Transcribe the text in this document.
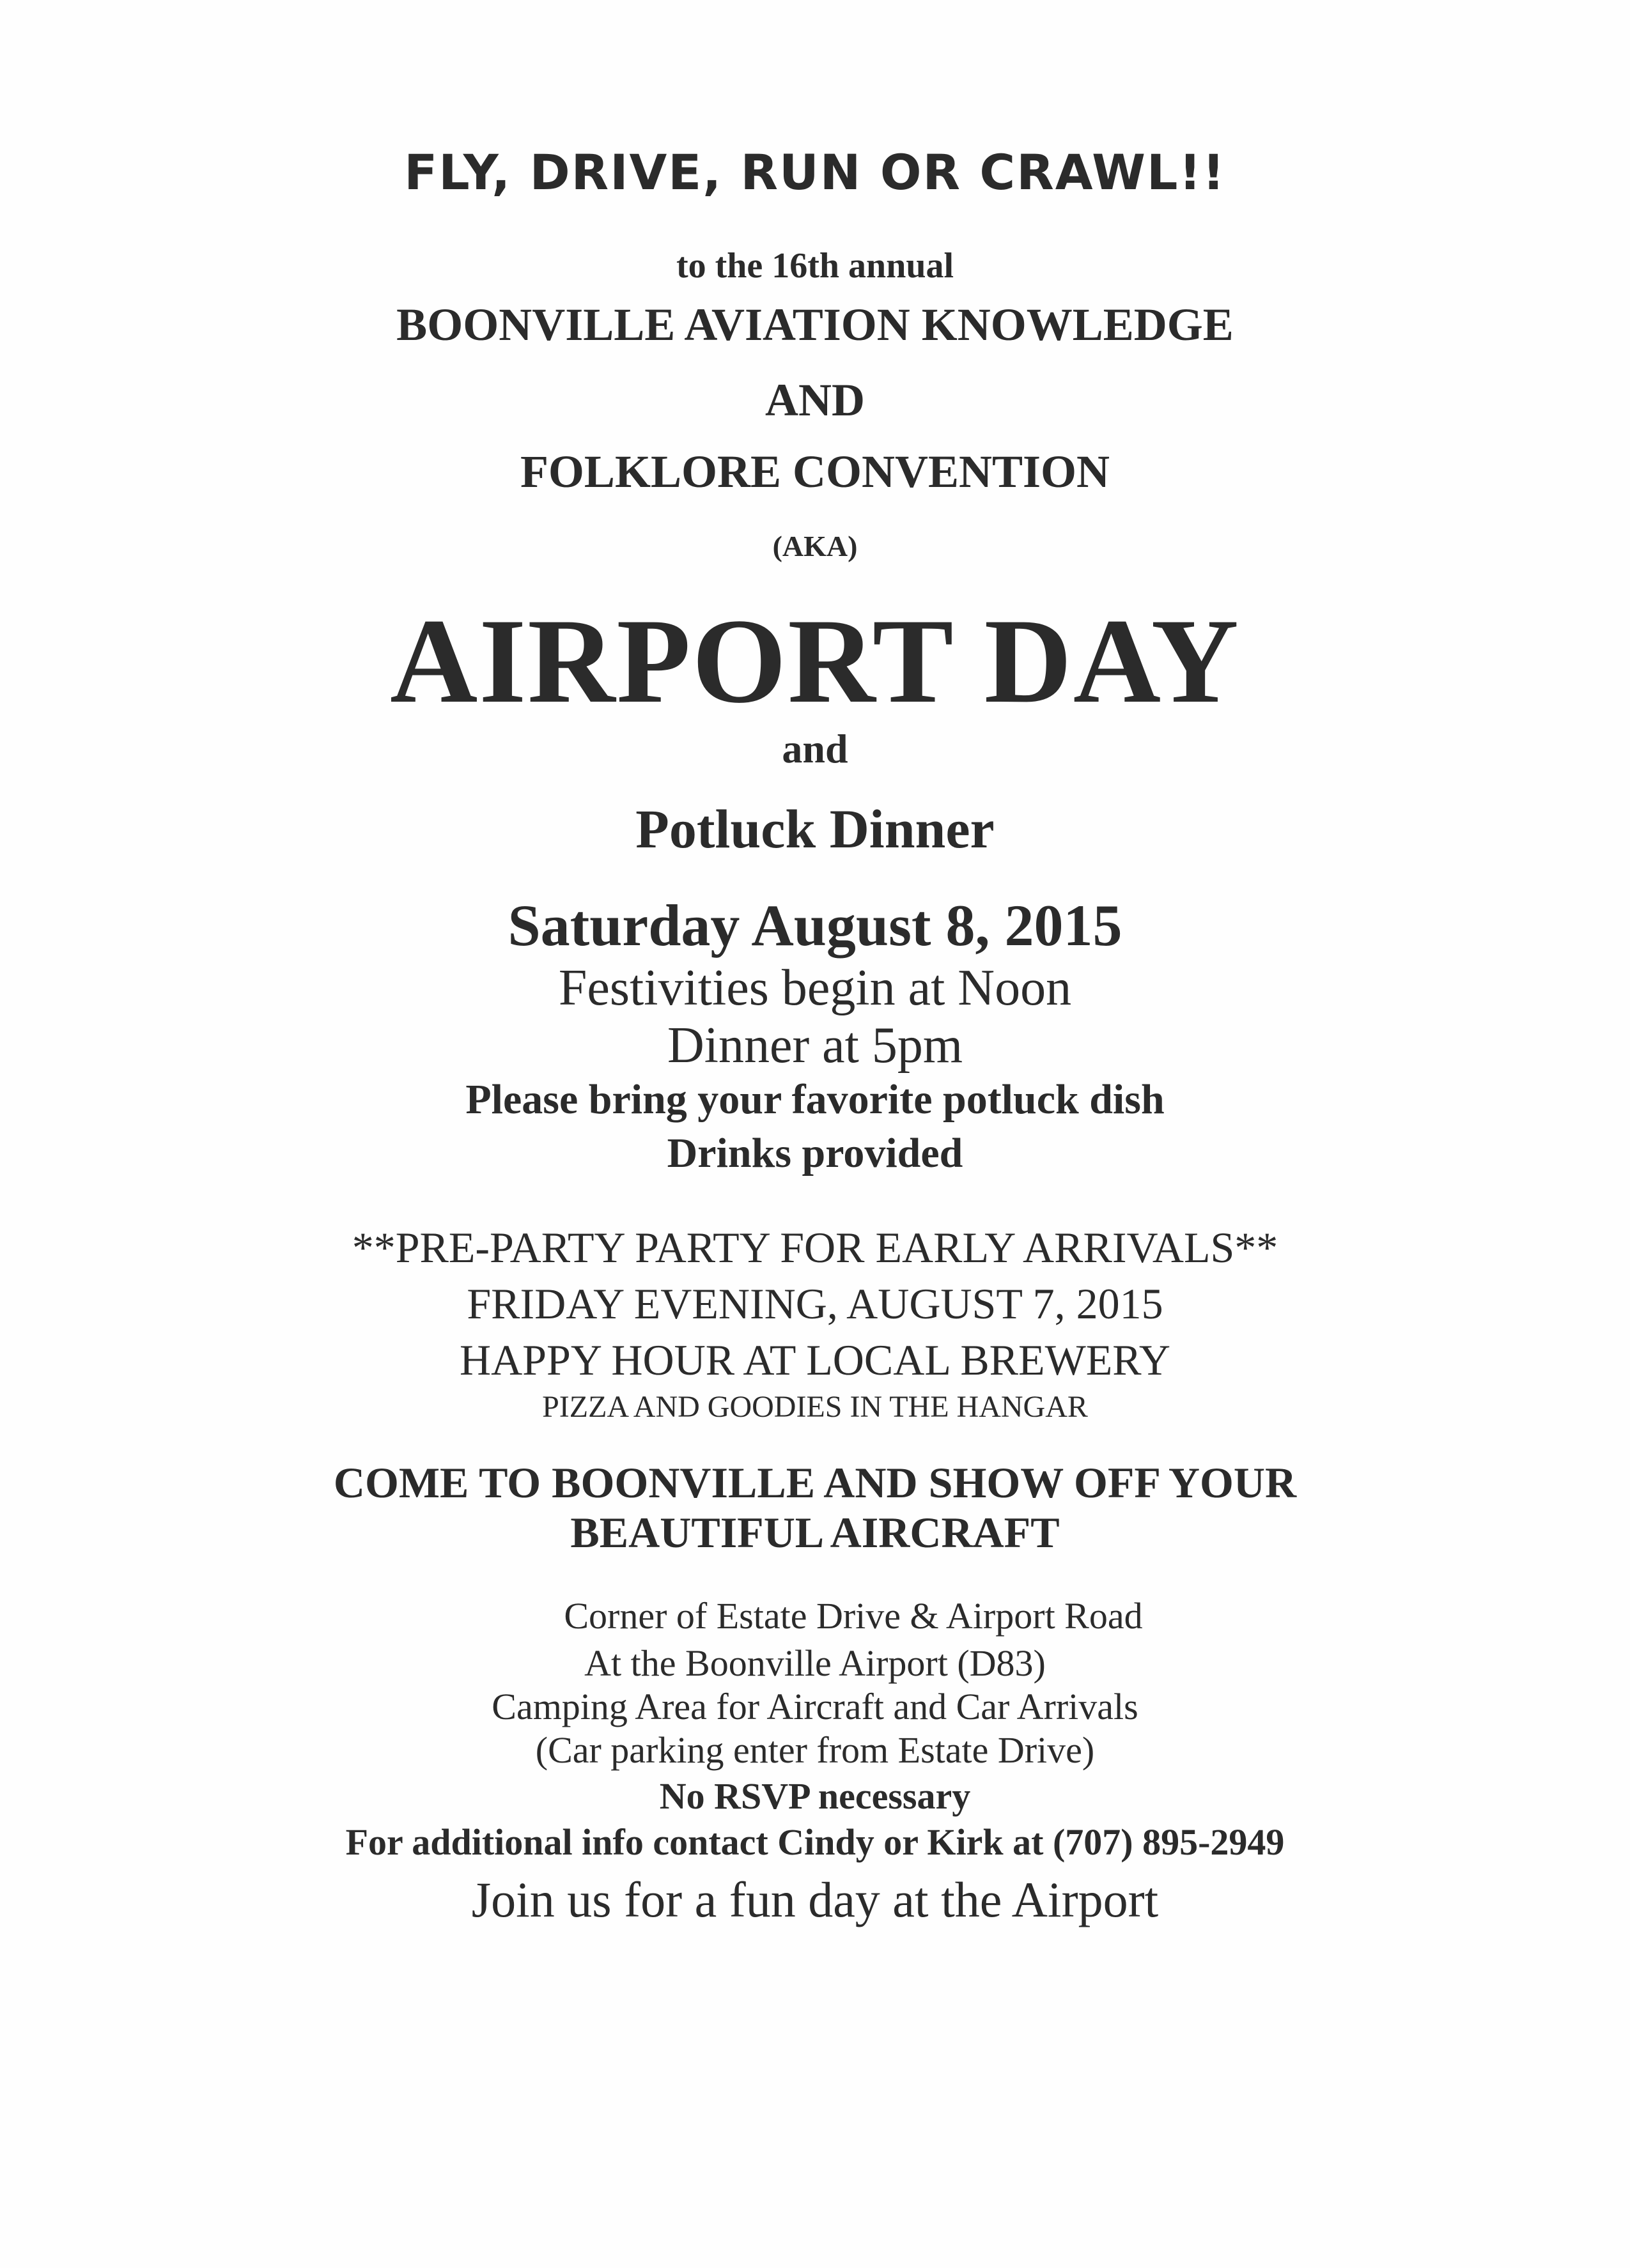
FLY, DRIVE, RUN OR CRAWL!!
to the 16th annual
BOONVILLE AVIATION KNOWLEDGE
AND
FOLKLORE CONVENTION
(AKA)
AIRPORT DAY
and
Potluck Dinner
Saturday August 8, 2015
Festivities begin at Noon
Dinner at 5pm
Please bring your favorite potluck dish
Drinks provided
**PRE-PARTY PARTY FOR EARLY ARRIVALS**
FRIDAY EVENING, AUGUST 7, 2015
HAPPY HOUR AT LOCAL BREWERY
PIZZA AND GOODIES IN THE HANGAR
COME TO BOONVILLE AND SHOW OFF YOUR
BEAUTIFUL AIRCRAFT
Corner of Estate Drive & Airport Road
At the Boonville Airport (D83)
Camping Area for Aircraft and Car Arrivals
(Car parking enter from Estate Drive)
No RSVP necessary
For additional info contact Cindy or Kirk at (707) 895-2949
Join us for a fun day at the Airport
